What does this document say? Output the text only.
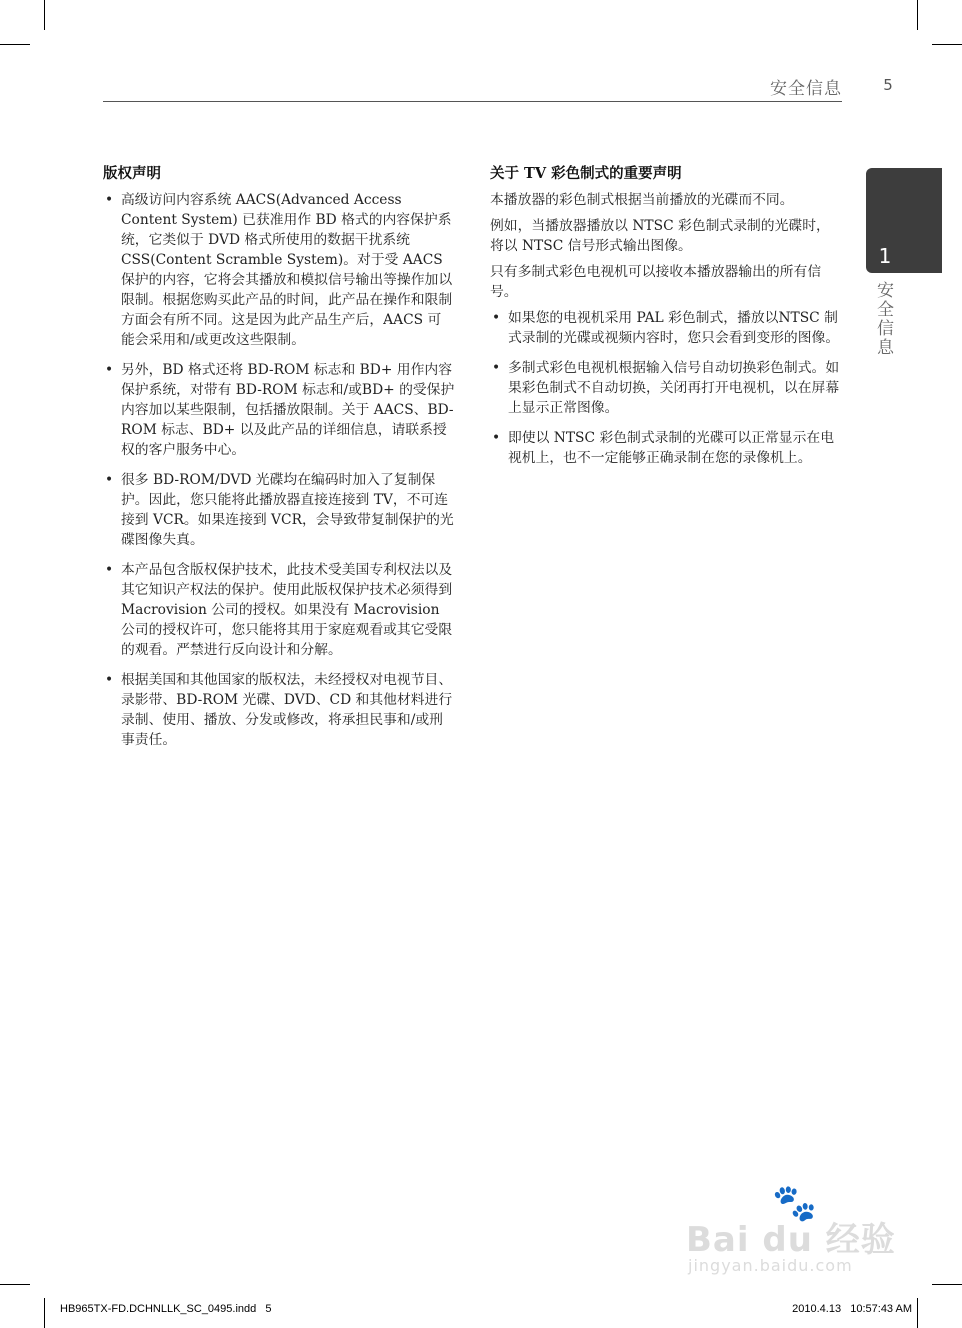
安全信息	5
1
安全信息
版权声明
• 高级访问内容系统 AACS(Advanced Access Content System) 已获准用作 BD 格式的内容保护系统，它类似于 DVD 格式所使用的数据干扰系统 CSS(Content Scramble System)。对于受 AACS 保护的内容，它将会其播放和模拟信号输出等操作加以限制。根据您购买此产品的时间，此产品在操作和限制方面会有所不同。这是因为此产品生产后，AACS 可能会采用和/或更改这些限制。
• 另外，BD 格式还将 BD-ROM 标志和 BD+ 用作内容保护系统，对带有 BD-ROM 标志和/或BD+ 的受保护内容加以某些限制，包括播放限制。关于 AACS、BD-ROM 标志、BD+ 以及此产品的详细信息，请联系授权的客户服务中心。
• 很多 BD-ROM/DVD 光碟均在编码时加入了复制保护。因此，您只能将此播放器直接连接到 TV，不可连接到 VCR。如果连接到 VCR，会导致带复制保护的光碟图像失真。
• 本产品包含版权保护技术，此技术受美国专利权法以及其它知识产权法的保护。使用此版权保护技术必须得到 Macrovision 公司的授权。如果没有 Macrovision 公司的授权许可，您只能将其用于家庭观看或其它受限的观看。严禁进行反向设计和分解。
• 根据美国和其他国家的版权法，未经授权对电视节目、录影带、BD-ROM 光碟、DVD、CD 和其他材料进行录制、使用、播放、分发或修改，将承担民事和/或刑事责任。
关于 TV 彩色制式的重要声明
本播放器的彩色制式根据当前播放的光碟而不同。
例如，当播放器播放以 NTSC 彩色制式录制的光碟时，将以 NTSC 信号形式输出图像。
只有多制式彩色电视机可以接收本播放器输出的所有信号。
• 如果您的电视机采用 PAL 彩色制式，播放以NTSC 制式录制的光碟或视频内容时，您只会看到变形的图像。
• 多制式彩色电视机根据输入信号自动切换彩色制式。如果彩色制式不自动切换，关闭再打开电视机，以在屏幕上显示正常图像。
• 即使以 NTSC 彩色制式录制的光碟可以正常显示在电视机上，也不一定能够正确录制在您的录像机上。
🐾
Bai du 经验
jingyan.baidu.com
HB965TX-FD.DCHNLLK_SC_0495.indd   5	2010.4.13   10:57:43 AM
